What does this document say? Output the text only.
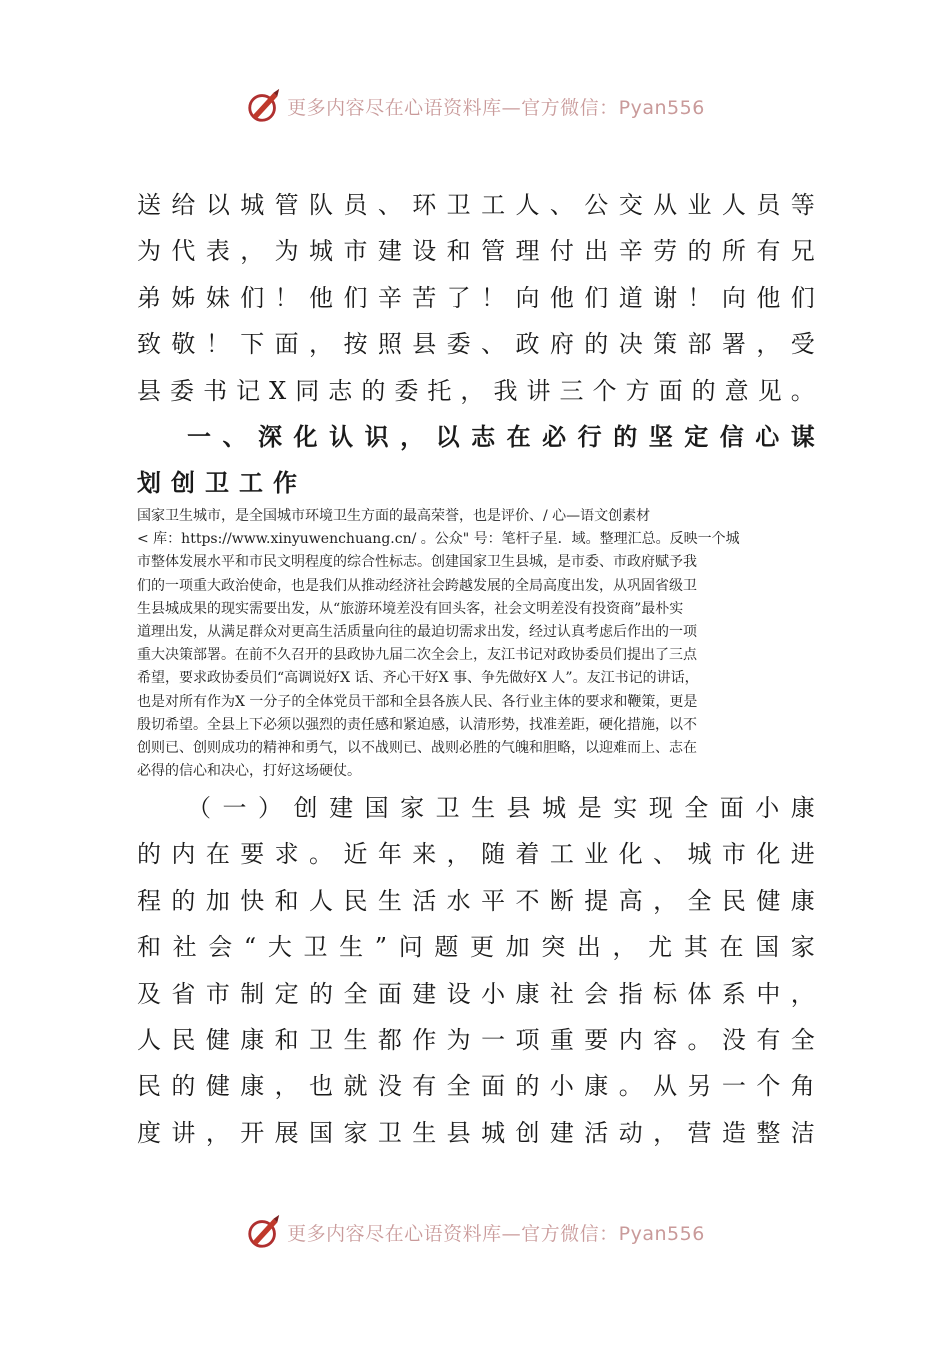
更多内容尽在心语资料库—官方微信：Pyan556
送 给 以 城 管 队 员 、 环 卫 工 人 、 公 交 从 业 人 员 等
为 代 表 ， 为 城 市 建 设 和 管 理 付 出 辛 劳 的 所 有 兄
弟 姊 妹 们 ！ 他 们 辛 苦 了 ！ 向 他 们 道 谢 ！ 向 他 们
致 敬 ！ 下 面 ， 按 照 县 委 、 政 府 的 决 策 部 署 ， 受
县 委 书 记 X 同 志 的 委 托 ， 我 讲 三 个 方 面 的 意 见 。
一 、 深 化 认 识 ， 以 志 在 必 行 的 坚 定 信 心 谋
划创卫工作
国家卫生城市，是全国城市环境卫生方面的最高荣誉，也是评价、/ 心—语文创素材
< 库：https://www.xinyuwenchuang.cn/ 。公众" 号：笔杆子星．域。整理汇总。反映一个城
市整体发展水平和市民文明程度的综合性标志。创建国家卫生县城，是市委、市政府赋予我
们的一项重大政治使命，也是我们从推动经济社会跨越发展的全局高度出发，从巩固省级卫
生县城成果的现实需要出发，从“旅游环境差没有回头客，社会文明差没有投资商”最朴实
道理出发，从满足群众对更高生活质量向往的最迫切需求出发，经过认真考虑后作出的一项
重大决策部署。在前不久召开的县政协九届二次全会上，友江书记对政协委员们提出了三点
希望，要求政协委员们“高调说好X 话、齐心干好X 事、争先做好X 人”。友江书记的讲话，
也是对所有作为X 一分子的全体党员干部和全县各族人民、各行业主体的要求和鞭策，更是
殷切希望。全县上下必须以强烈的责任感和紧迫感，认清形势，找准差距，硬化措施，以不
创则已、创则成功的精神和勇气，以不战则已、战则必胜的气魄和胆略，以迎难而上、志在
必得的信心和决心，打好这场硬仗。
（ 一 ） 创 建 国 家 卫 生 县 城 是 实 现 全 面 小 康
的 内 在 要 求 。 近 年 来 ， 随 着 工 业 化 、 城 市 化 进
程 的 加 快 和 人 民 生 活 水 平 不 断 提 高 ， 全 民 健 康
和 社 会 “ 大 卫 生 ” 问 题 更 加 突 出 ， 尤 其 在 国 家
及 省 市 制 定 的 全 面 建 设 小 康 社 会 指 标 体 系 中 ，
人 民 健 康 和 卫 生 都 作 为 一 项 重 要 内 容 。 没 有 全
民 的 健 康 ， 也 就 没 有 全 面 的 小 康 。 从 另 一 个 角
度 讲 ， 开 展 国 家 卫 生 县 城 创 建 活 动 ， 营 造 整 洁
更多内容尽在心语资料库—官方微信：Pyan556
